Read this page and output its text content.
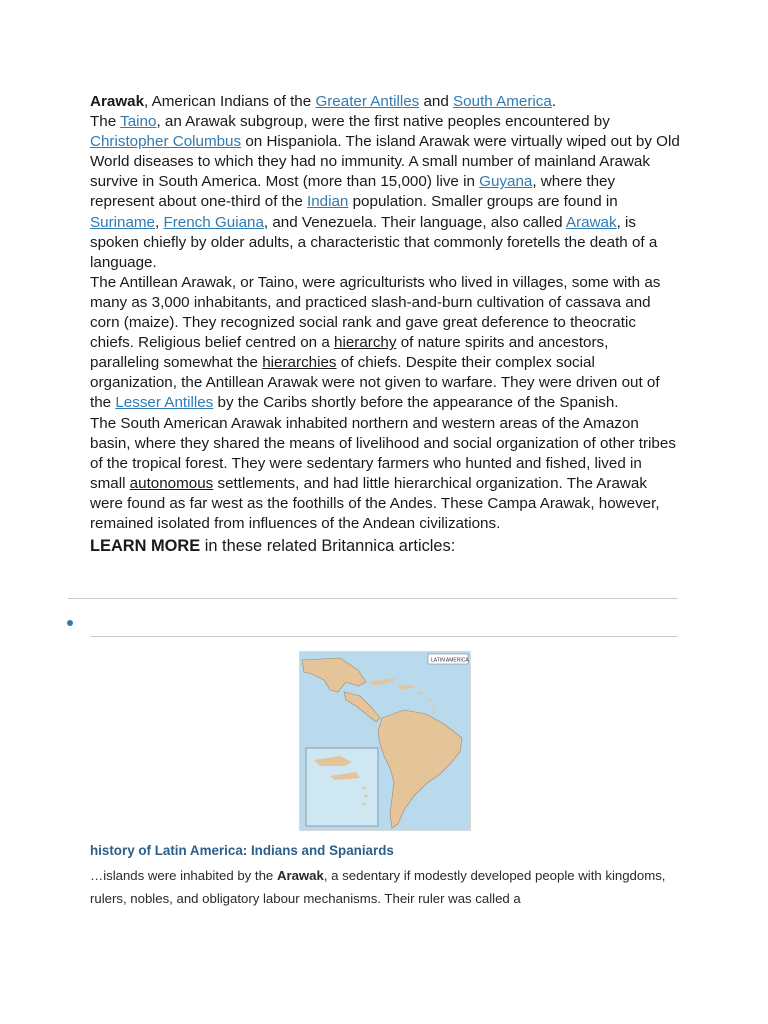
Arawak, American Indians of the Greater Antilles and South America.

The Taino, an Arawak subgroup, were the first native peoples encountered by Christopher Columbus on Hispaniola. The island Arawak were virtually wiped out by Old World diseases to which they had no immunity. A small number of mainland Arawak survive in South America. Most (more than 15,000) live in Guyana, where they represent about one-third of the Indian population. Smaller groups are found in Suriname, French Guiana, and Venezuela. Their language, also called Arawak, is spoken chiefly by older adults, a characteristic that commonly foretells the death of a language.

The Antillean Arawak, or Taino, were agriculturists who lived in villages, some with as many as 3,000 inhabitants, and practiced slash-and-burn cultivation of cassava and corn (maize). They recognized social rank and gave great deference to theocratic chiefs. Religious belief centred on a hierarchy of nature spirits and ancestors, paralleling somewhat the hierarchies of chiefs. Despite their complex social organization, the Antillean Arawak were not given to warfare. They were driven out of the Lesser Antilles by the Caribs shortly before the appearance of the Spanish.

The South American Arawak inhabited northern and western areas of the Amazon basin, where they shared the means of livelihood and social organization of other tribes of the tropical forest. They were sedentary farmers who hunted and fished, lived in small autonomous settlements, and had little hierarchical organization. The Arawak were found as far west as the foothills of the Andes. These Campa Arawak, however, remained isolated from influences of the Andean civilizations.

LEARN MORE in these related Britannica articles:

LATIN AMERICA

history of Latin America: Indians and Spaniards

…islands were inhabited by the Arawak, a sedentary if modestly developed people with kingdoms, rulers, nobles, and obligatory labour mechanisms. Their ruler was called a
